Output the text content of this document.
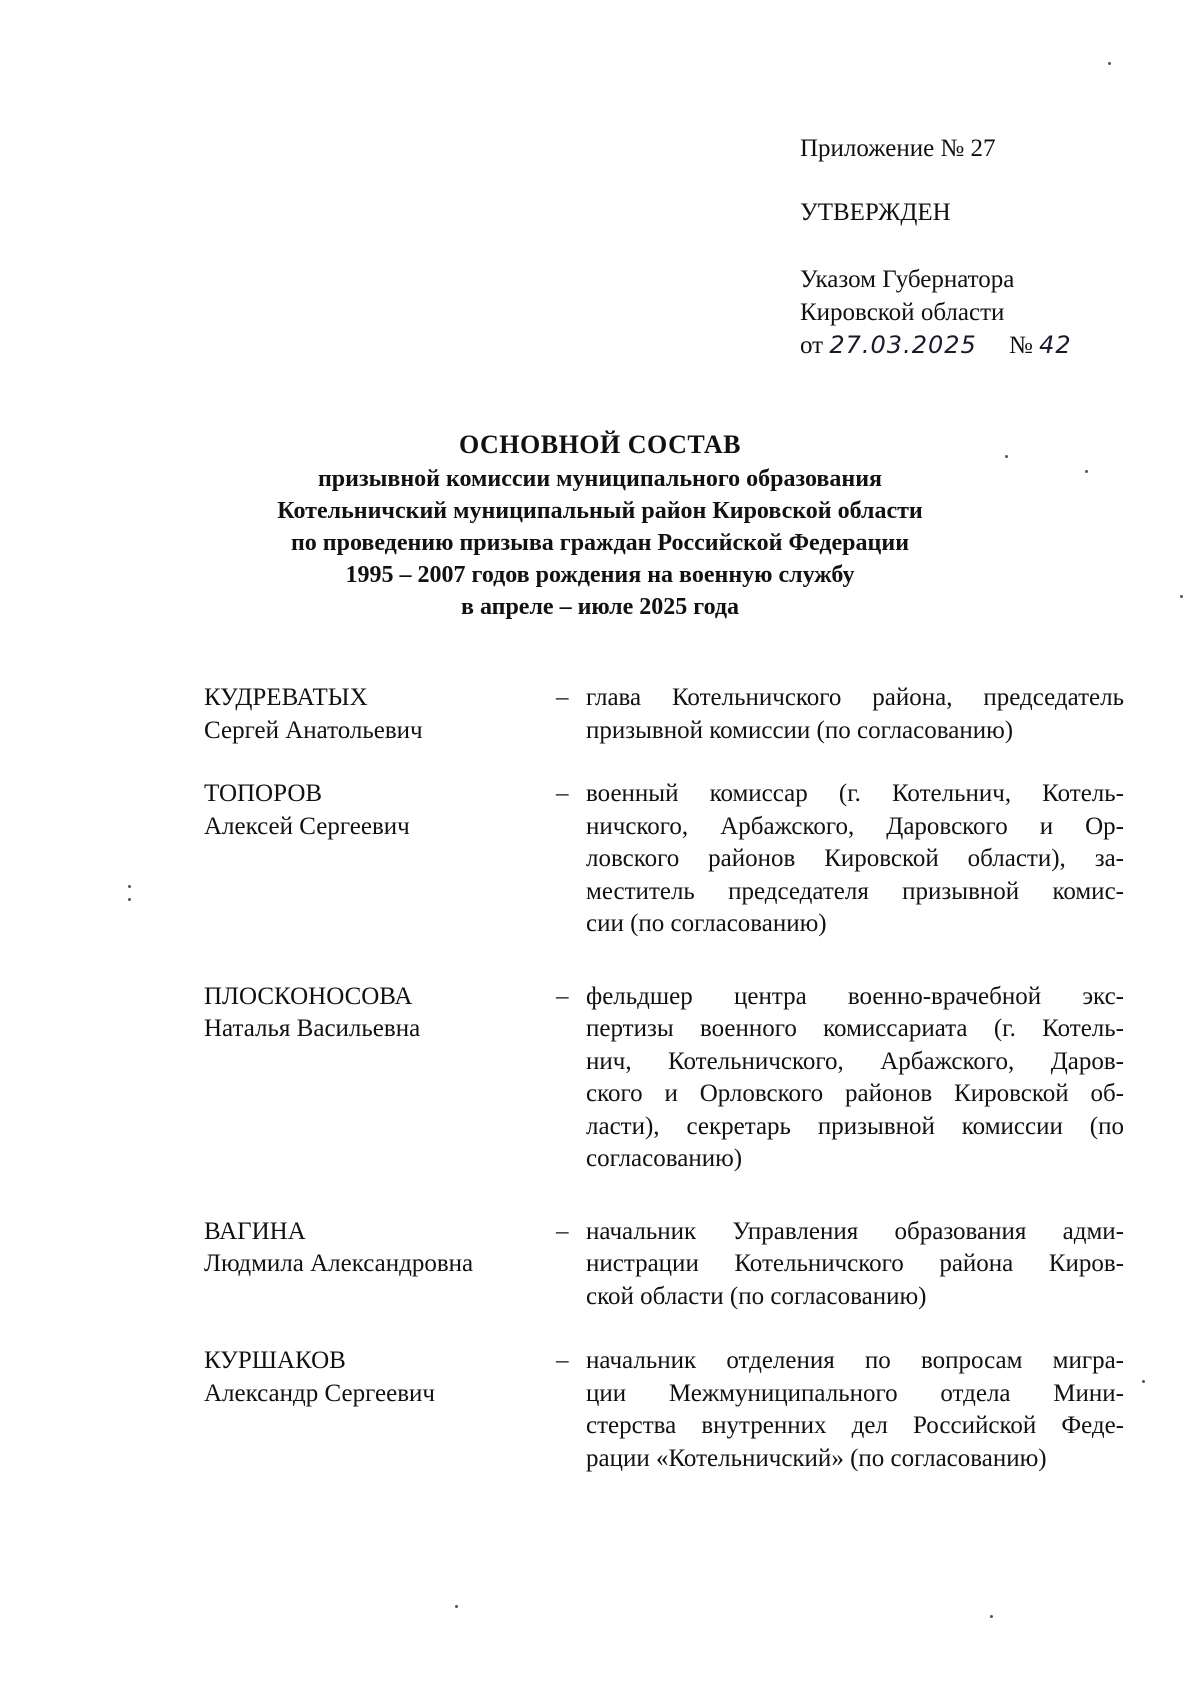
Приложение № 27
УТВЕРЖДЕН
Указом Губернатора
Кировской области
от 27.03.2025 № 42
ОСНОВНОЙ СОСТАВ
призывной комиссии муниципального образования
Котельничский муниципальный район Кировской области
по проведению призыва граждан Российской Федерации
1995 – 2007 годов рождения на военную службу
в апреле – июле 2025 года
КУДРЕВАТЫХ
Сергей Анатольевич
– глава Котельничского района, председатель
призывной комиссии (по согласованию)
ТОПОРОВ
Алексей Сергеевич
– военный комиссар (г. Котельнич, Котель-
ничского, Арбажского, Даровского и Ор-
ловского районов Кировской области), за-
меститель председателя призывной комис-
сии (по согласованию)
ПЛОСКОНОСОВА
Наталья Васильевна
– фельдшер центра военно-врачебной экс-
пертизы военного комиссариата (г. Котель-
нич, Котельничского, Арбажского, Даров-
ского и Орловского районов Кировской об-
ласти), секретарь призывной комиссии (по
согласованию)
ВАГИНА
Людмила Александровна
– начальник Управления образования адми-
нистрации Котельничского района Киров-
ской области (по согласованию)
КУРШАКОВ
Александр Сергеевич
– начальник отделения по вопросам мигра-
ции Межмуниципального отдела Мини-
стерства внутренних дел Российской Феде-
рации «Котельничский» (по согласованию)
